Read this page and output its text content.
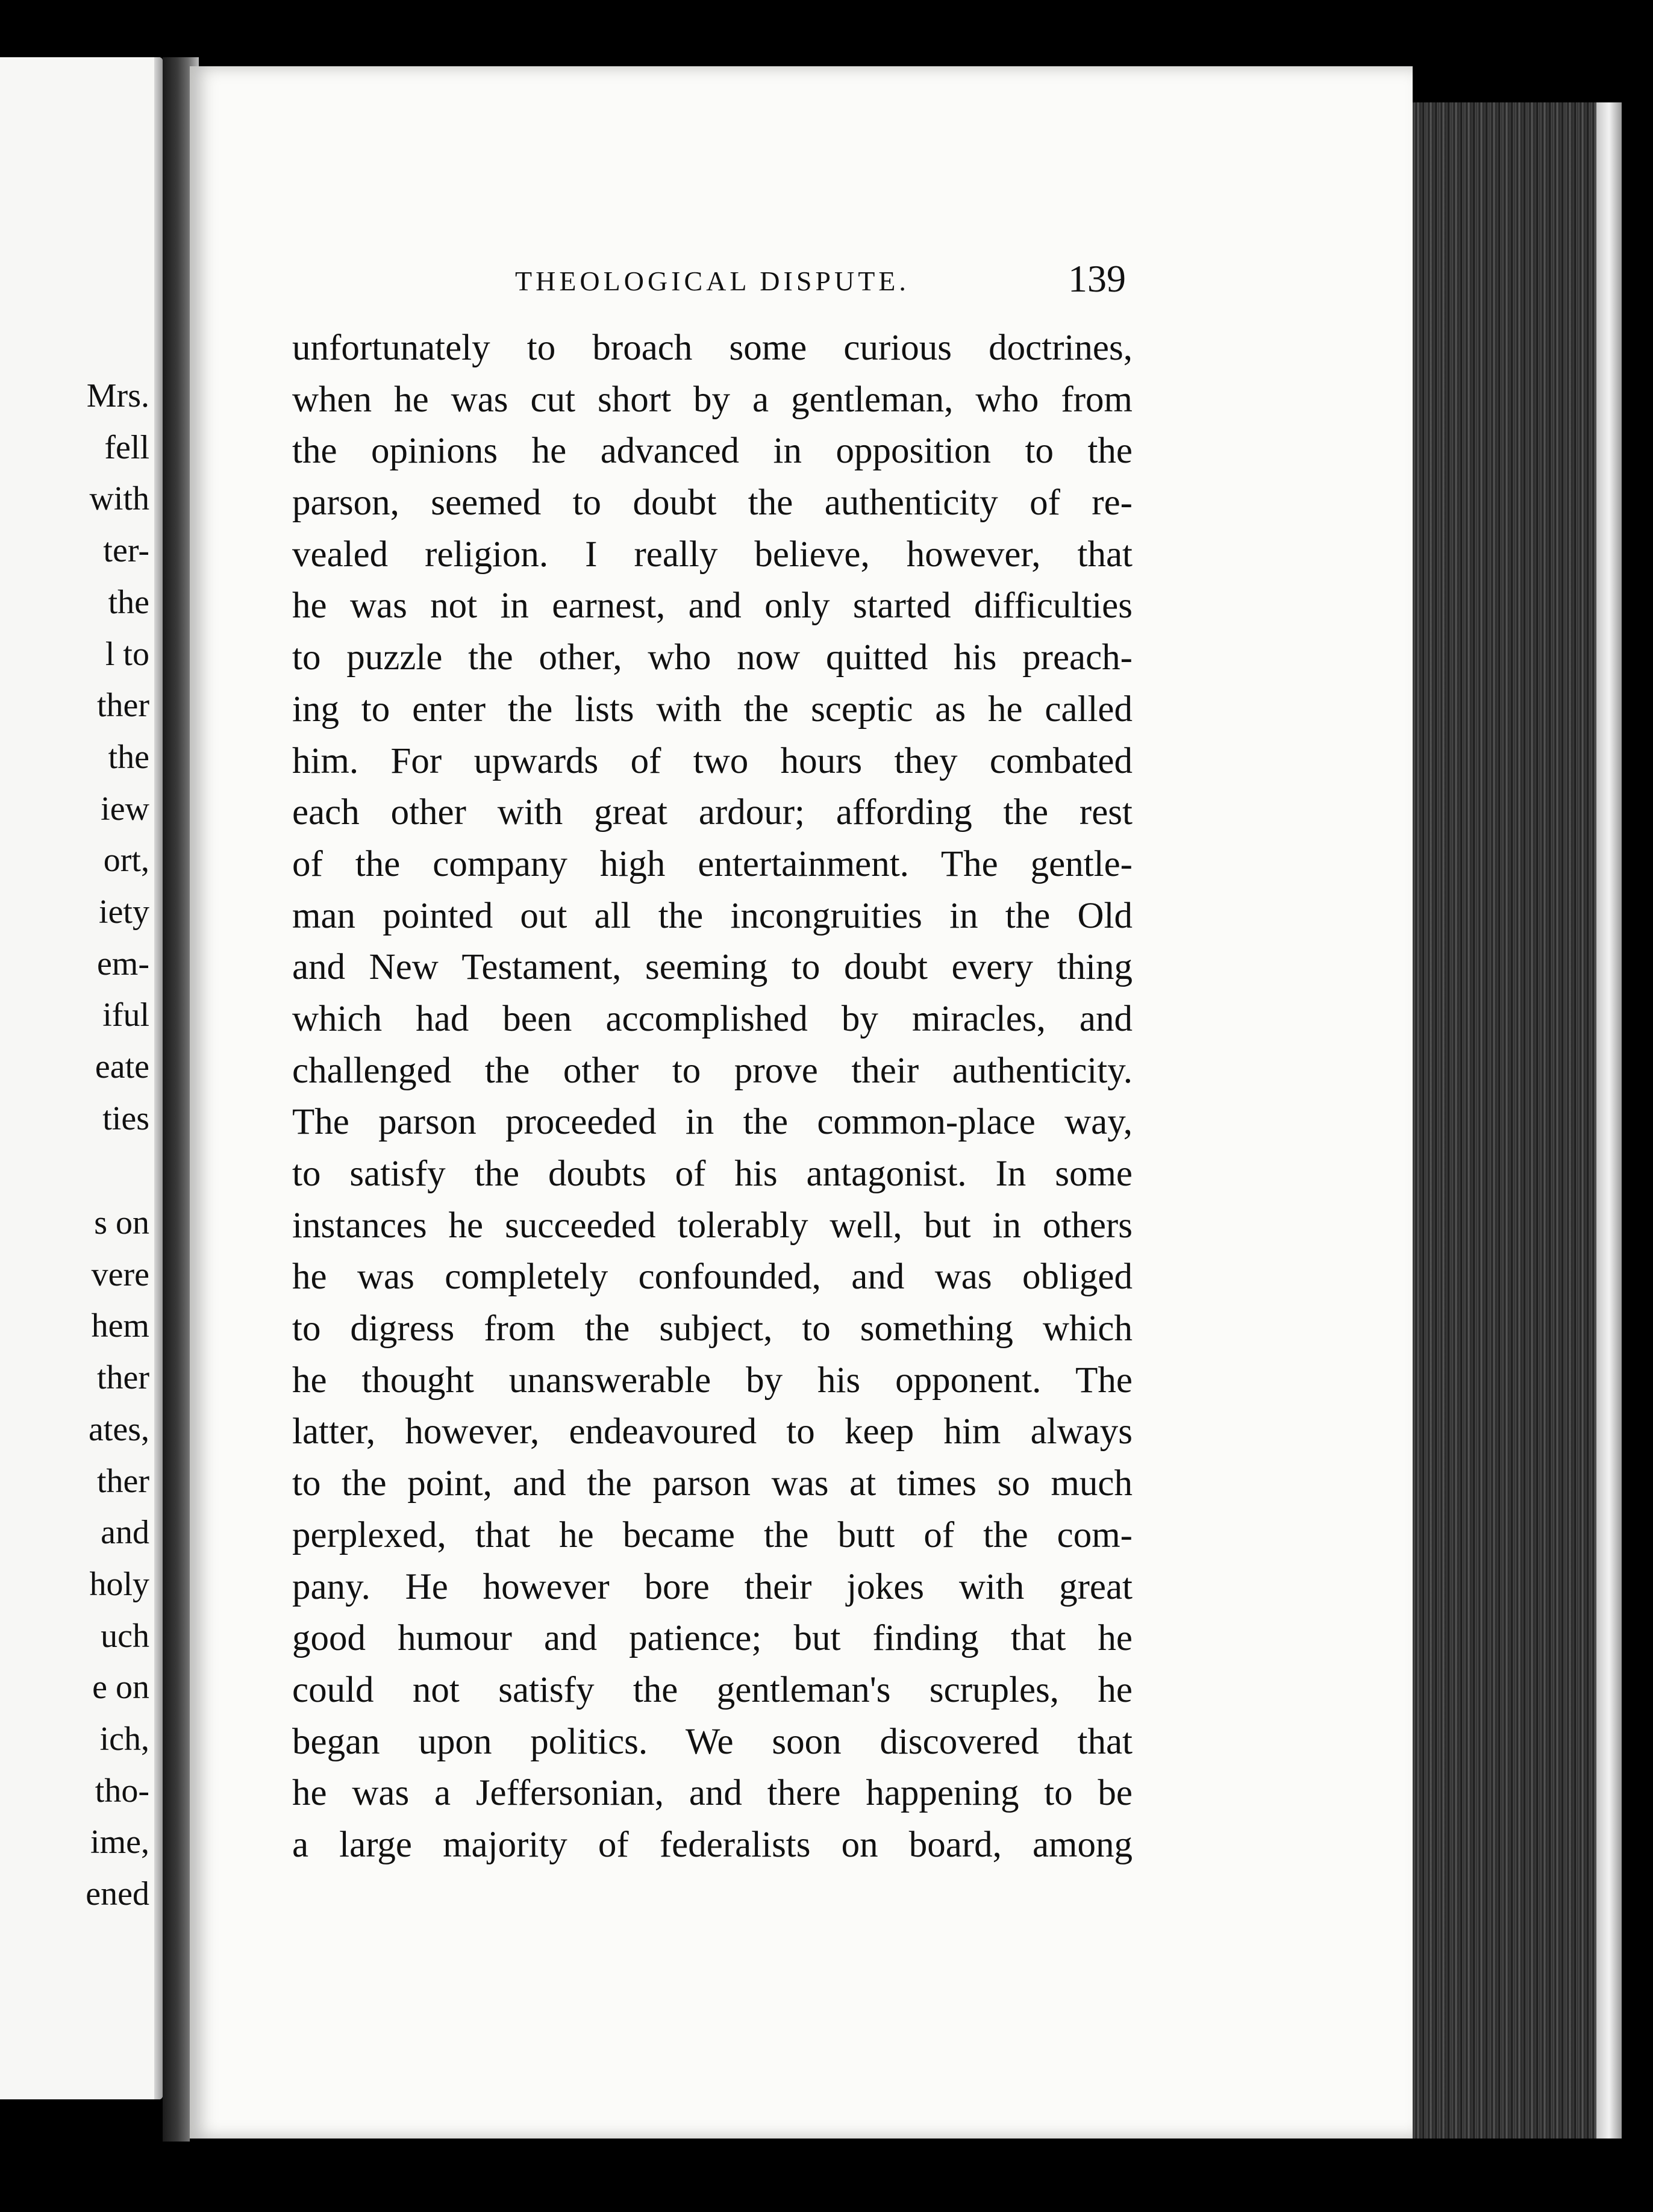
Mrs.
fell
with
ter-
the
l to
ther
the
iew
ort,
iety
em-
iful
eate
ties
s on
vere
hem
ther
ates,
ther
and
holy
uch
e on
ich,
tho-
ime,
ened
THEOLOGICAL DISPUTE.	139
unfortunately to broach some curious doctrines,
when he was cut short by a gentleman, who from
the opinions he advanced in opposition to the
parson, seemed to doubt the authenticity of re-
vealed religion. I really believe, however, that
he was not in earnest, and only started difficulties
to puzzle the other, who now quitted his preach-
ing to enter the lists with the sceptic as he called
him. For upwards of two hours they combated
each other with great ardour; affording the rest
of the company high entertainment. The gentle-
man pointed out all the incongruities in the Old
and New Testament, seeming to doubt every thing
which had been accomplished by miracles, and
challenged the other to prove their authenticity.
The parson proceeded in the common-place way,
to satisfy the doubts of his antagonist. In some
instances he succeeded tolerably well, but in others
he was completely confounded, and was obliged
to digress from the subject, to something which
he thought unanswerable by his opponent. The
latter, however, endeavoured to keep him always
to the point, and the parson was at times so much
perplexed, that he became the butt of the com-
pany. He however bore their jokes with great
good humour and patience; but finding that he
could not satisfy the gentleman's scruples, he
began upon politics. We soon discovered that
he was a Jeffersonian, and there happening to be
a large majority of federalists on board, among
